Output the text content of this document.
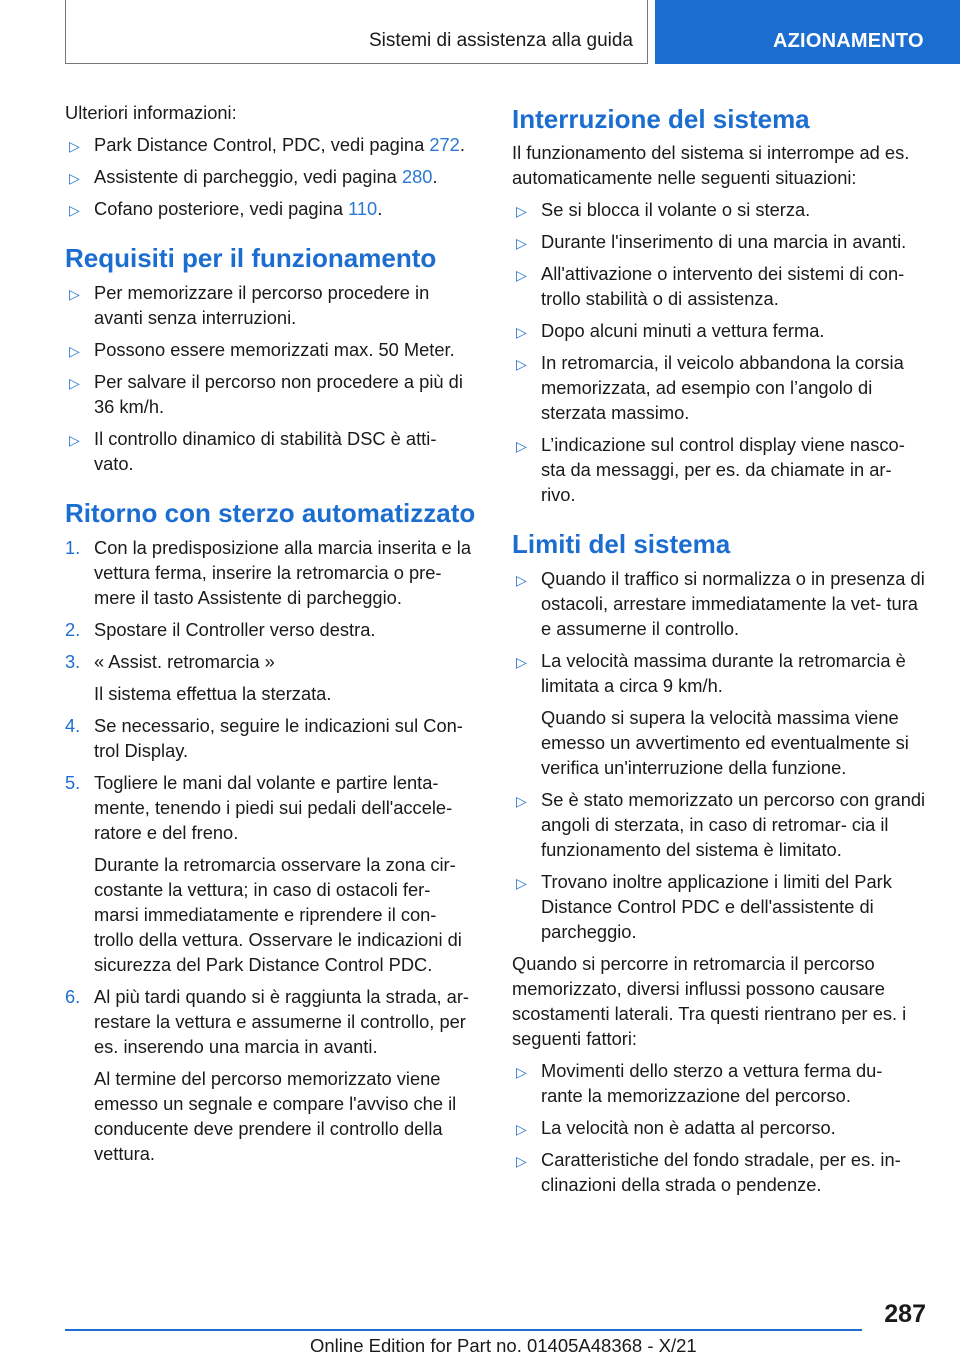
Sistemi di assistenza alla guida	AZIONAMENTO

Ulteriori informazioni:

▷ Park Distance Control, PDC, vedi pagina 272.
▷ Assistente di parcheggio, vedi pagina 280.
▷ Cofano posteriore, vedi pagina 110.
Requisiti per il funzionamento
▷ Per memorizzare il percorso procedere in avanti senza interruzioni.
▷ Possono essere memorizzati max. 50 Meter.
▷ Per salvare il percorso non procedere a più di 36 km/h.
▷ Il controllo dinamico di stabilità DSC è atti- vato.
Ritorno con sterzo automatizzato
1. Con la predisposizione alla marcia inserita e la vettura ferma, inserire la retromarcia o pre- mere il tasto Assistente di parcheggio.
2. Spostare il Controller verso destra.
3. « Assist. retromarcia »
Il sistema effettua la sterzata.
4. Se necessario, seguire le indicazioni sul Con- trol Display.
5. Togliere le mani dal volante e partire lenta- mente, tenendo i piedi sui pedali dell'accele- ratore e del freno.
Durante la retromarcia osservare la zona cir- costante la vettura; in caso di ostacoli fer- marsi immediatamente e riprendere il con- trollo della vettura. Osservare le indicazioni di sicurezza del Park Distance Control PDC.
6. Al più tardi quando si è raggiunta la strada, ar- restare la vettura e assumerne il controllo, per es. inserendo una marcia in avanti.
Al termine del percorso memorizzato viene emesso un segnale e compare l'avviso che il conducente deve prendere il controllo della vettura.
Interruzione del sistema

Il funzionamento del sistema si interrompe ad es. automaticamente nelle seguenti situazioni:

▷ Se si blocca il volante o si sterza.
▷ Durante l'inserimento di una marcia in avanti.
▷ All'attivazione o intervento dei sistemi di con- trollo stabilità o di assistenza.
▷ Dopo alcuni minuti a vettura ferma.
▷ In retromarcia, il veicolo abbandona la corsia memorizzata, ad esempio con l’angolo di sterzata massimo.
▷ L’indicazione sul control display viene nasco- sta da messaggi, per es. da chiamate in ar- rivo.
Limiti del sistema
▷ Quando il traffico si normalizza o in presenza di ostacoli, arrestare immediatamente la vet- tura e assumerne il controllo.
▷ La velocità massima durante la retromarcia è limitata a circa 9 km/h.
Quando si supera la velocità massima viene emesso un avvertimento ed eventualmente si verifica un'interruzione della funzione.
▷ Se è stato memorizzato un percorso con grandi angoli di sterzata, in caso di retromar- cia il funzionamento del sistema è limitato.
▷ Trovano inoltre applicazione i limiti del Park Distance Control PDC e dell'assistente di parcheggio.

Quando si percorre in retromarcia il percorso memorizzato, diversi influssi possono causare scostamenti laterali. Tra questi rientrano per es. i seguenti fattori:

▷ Movimenti dello sterzo a vettura ferma du- rante la memorizzazione del percorso.
▷ La velocità non è adatta al percorso.
▷ Caratteristiche del fondo stradale, per es. in- clinazioni della strada o pendenze.
287
Online Edition for Part no. 01405A48368 - X/21
